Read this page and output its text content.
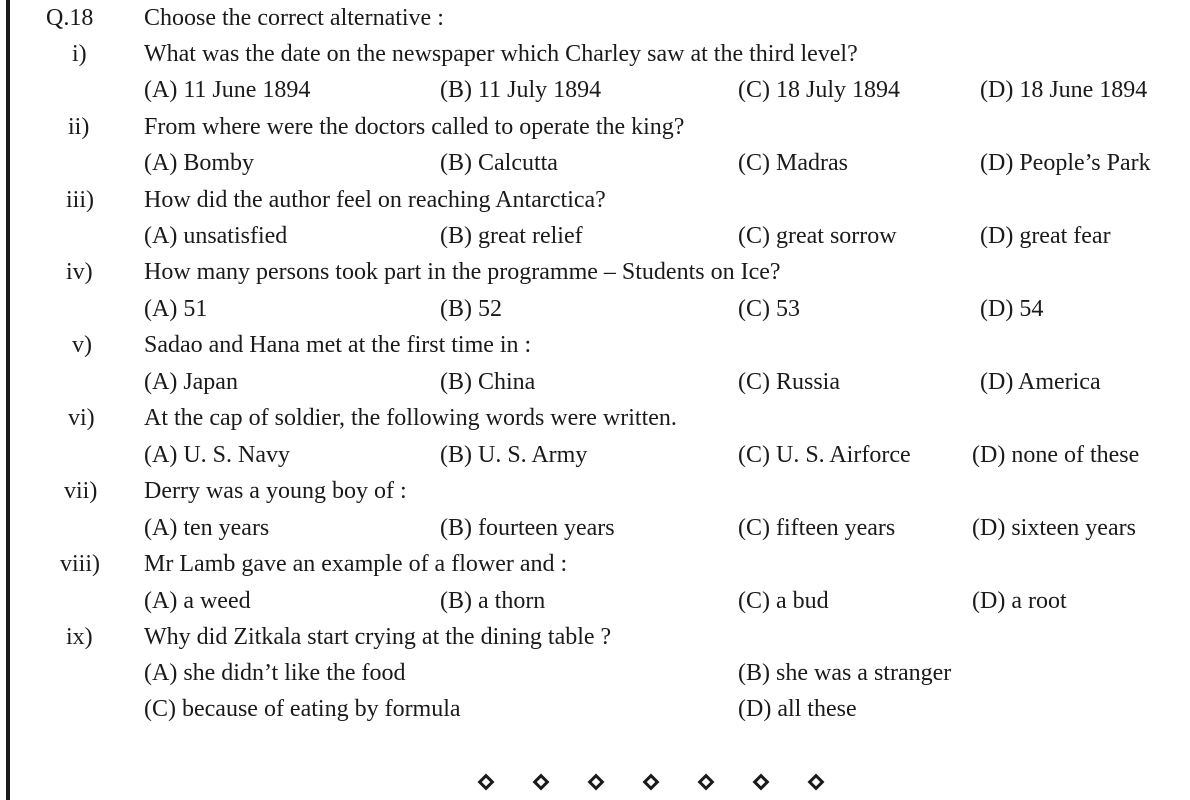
Q.18 Choose the correct alternative :
i) What was the date on the newspaper which Charley saw at the third level?
(A) 11 June 1894	(B) 11 July 1894	(C) 18 July 1894	(D) 18 June 1894
ii) From where were the doctors called to operate the king?
(A) Bomby	(B) Calcutta	(C) Madras	(D) People’s Park
iii) How did the author feel on reaching Antarctica?
(A) unsatisfied	(B) great relief	(C) great sorrow	(D) great fear
iv) How many persons took part in the programme – Students on Ice?
(A) 51	(B) 52	(C) 53	(D) 54
v) Sadao and Hana met at the first time in :
(A) Japan	(B) China	(C) Russia	(D) America
vi) At the cap of soldier, the following words were written.
(A) U. S. Navy	(B) U. S. Army	(C) U. S. Airforce	(D) none of these
vii) Derry was a young boy of :
(A) ten years	(B) fourteen years	(C) fifteen years	(D) sixteen years
viii) Mr Lamb gave an example of a flower and :
(A) a weed	(B) a thorn	(C) a bud	(D) a root
ix) Why did Zitkala start crying at the dining table ?
(A) she didn’t like the food	(B) she was a stranger
(C) because of eating by formula	(D) all these
